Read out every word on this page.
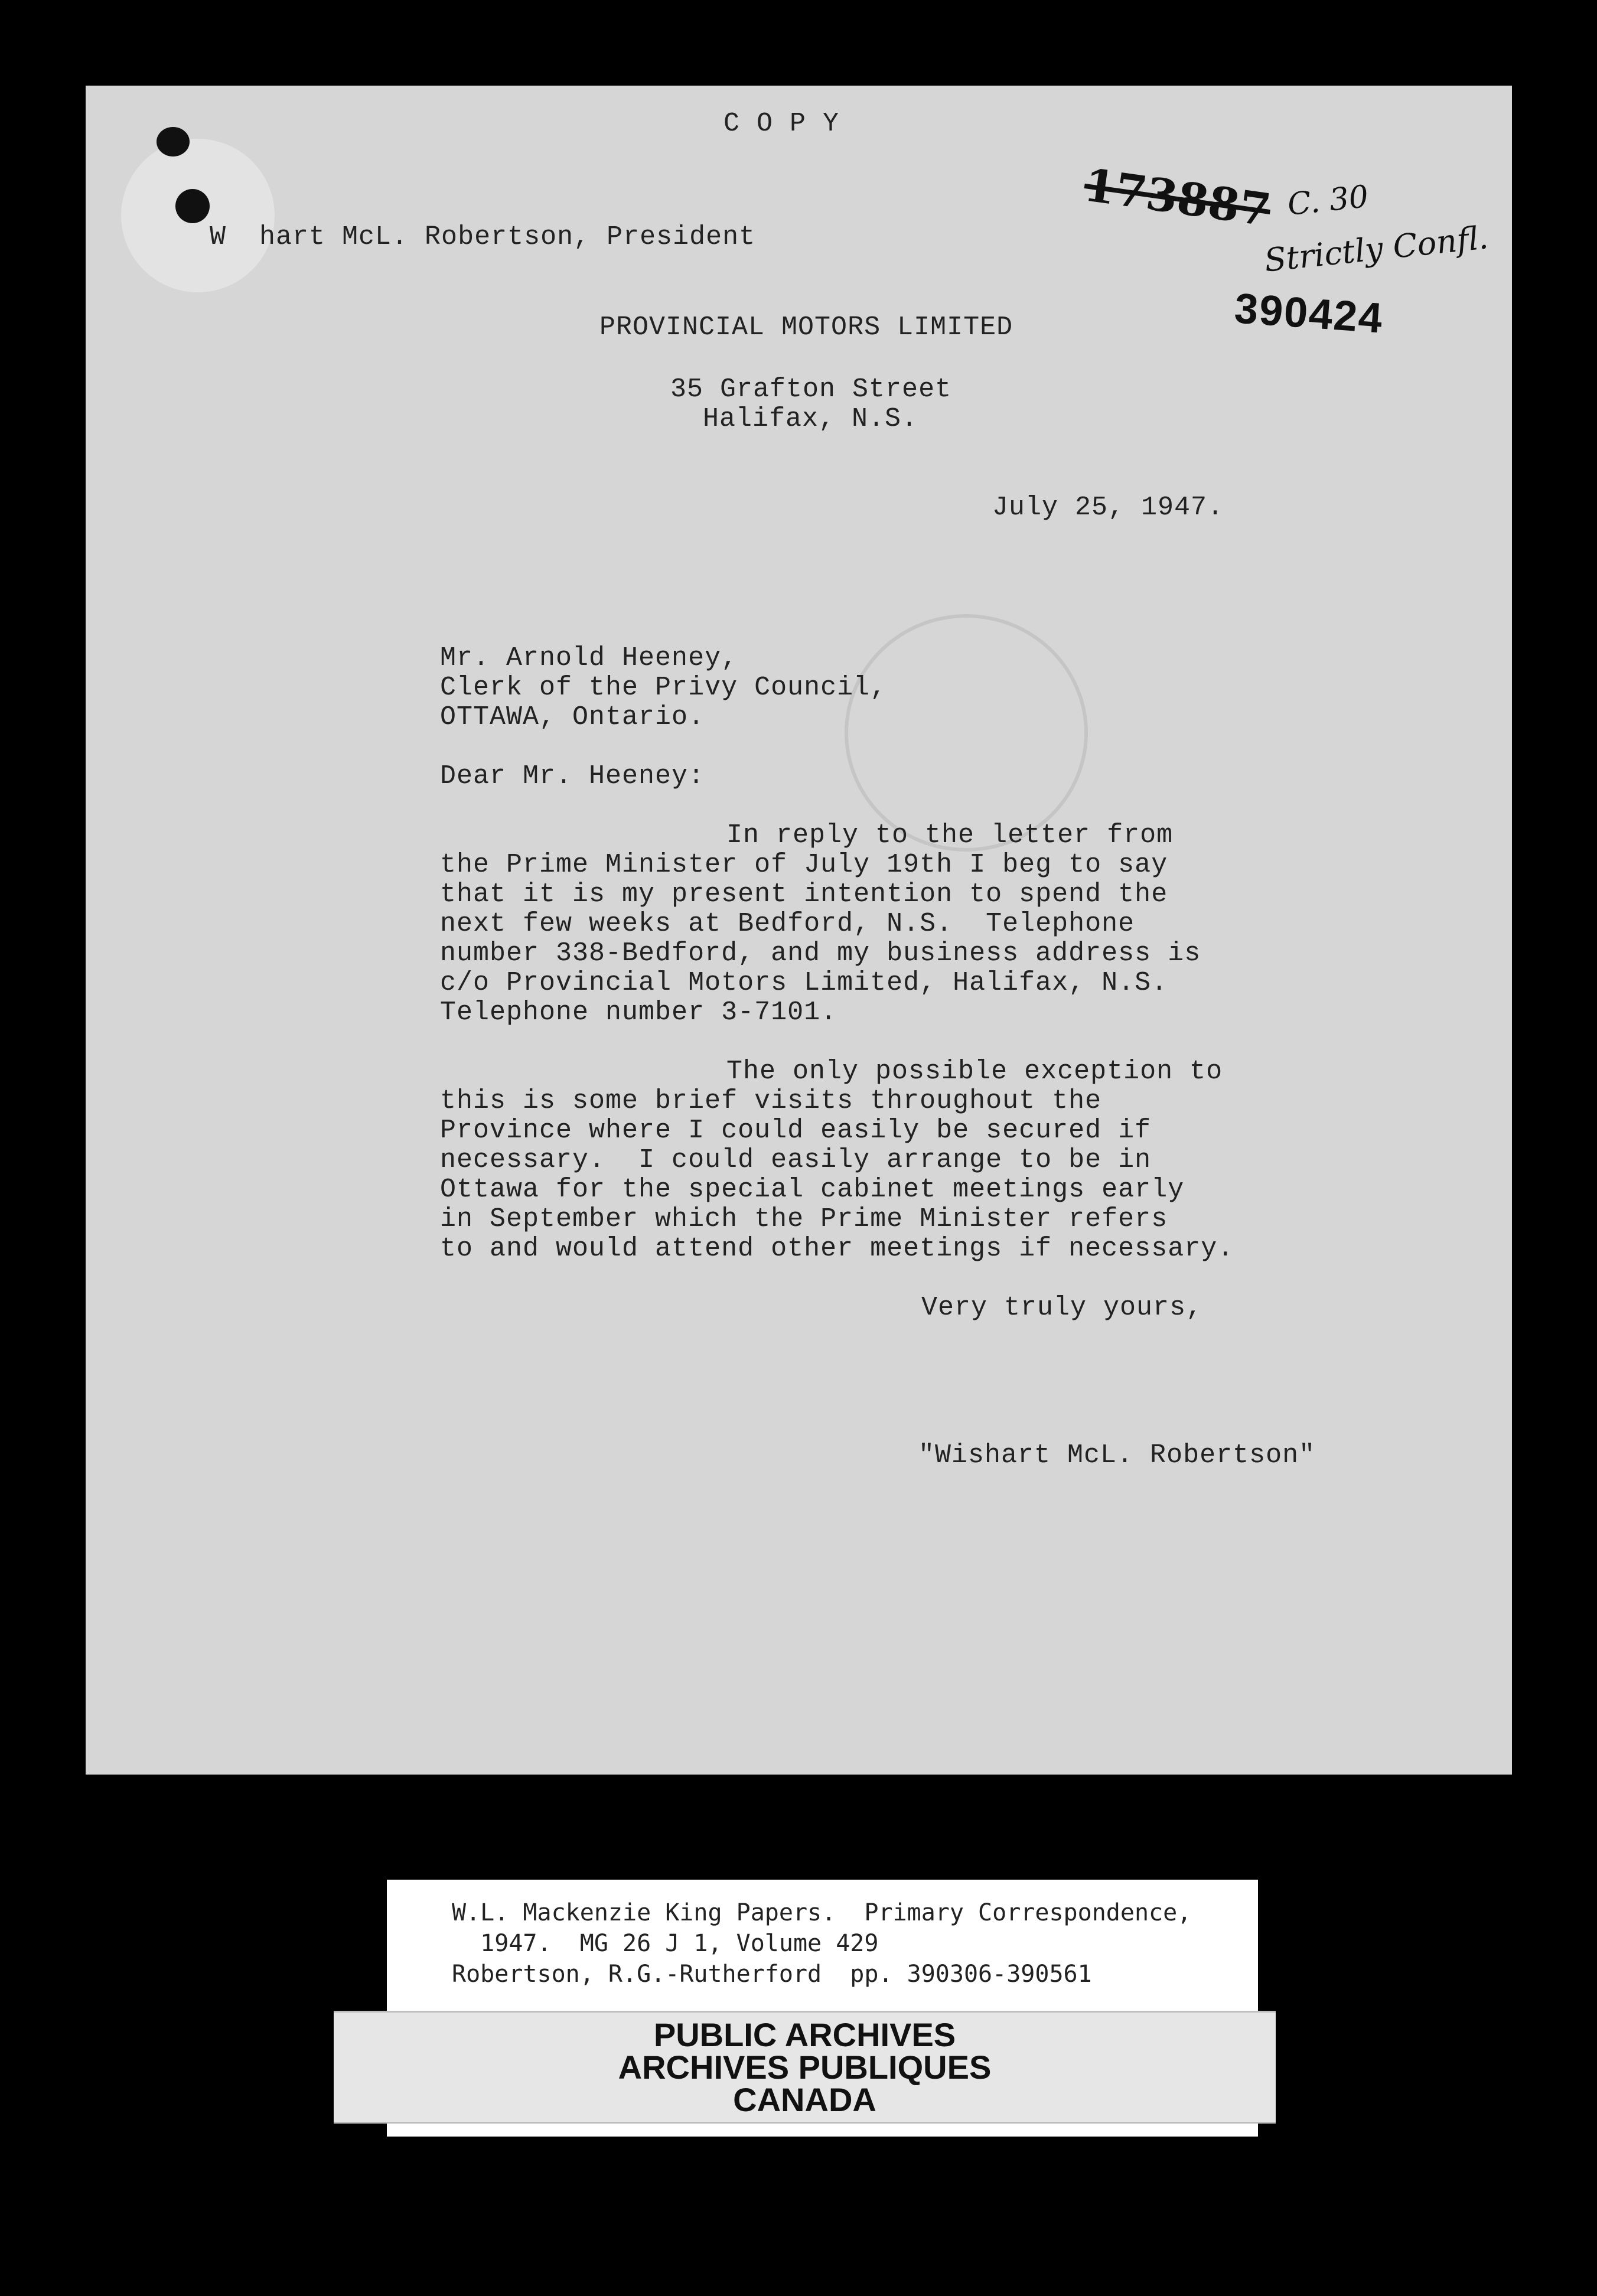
C O P Y
W  hart McL. Robertson, President
PROVINCIAL MOTORS LIMITED
35 Grafton Street
Halifax, N.S.
July 25, 1947.
Mr. Arnold Heeney,
Clerk of the Privy Council,
OTTAWA, Ontario.
Dear Mr. Heeney:
In reply to the letter from
the Prime Minister of July 19th I beg to say
that it is my present intention to spend the
next few weeks at Bedford, N.S.  Telephone
number 338-Bedford, and my business address is
c/o Provincial Motors Limited, Halifax, N.S.
Telephone number 3-7101.
The only possible exception to
this is some brief visits throughout the
Province where I could easily be secured if
necessary.  I could easily arrange to be in
Ottawa for the special cabinet meetings early
in September which the Prime Minister refers
to and would attend other meetings if necessary.
Very truly yours,
"Wishart McL. Robertson"
173887 C. 30
Strictly Confl.
390424
W.L. Mackenzie King Papers.  Primary Correspondence,
1947.  MG 26 J 1, Volume 429
Robertson, R.G.-Rutherford  pp. 390306-390561
PUBLIC ARCHIVES
ARCHIVES PUBLIQUES
CANADA
